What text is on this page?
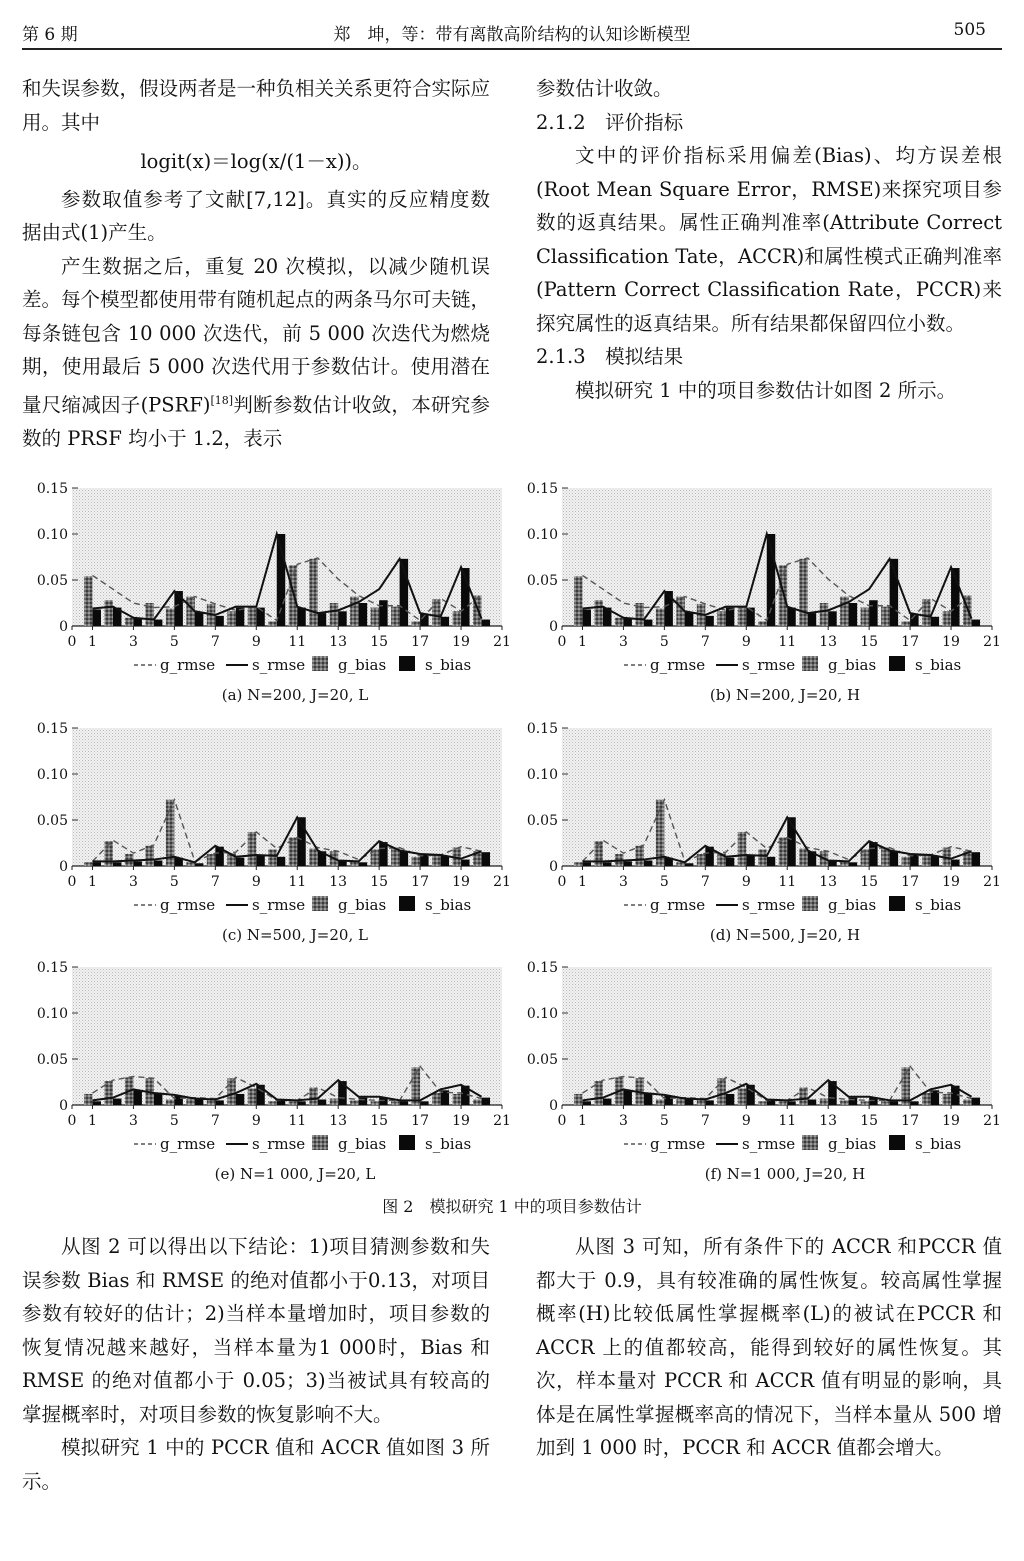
第 6 期	郑　坤，等：带有离散高阶结构的认知诊断模型	505

和失误参数，假设两者是一种负相关关系更符合实际应用。其中

logit(x)＝log(x/(1－x))。

参数取值参考了文献[7,12]。真实的反应精度数据由式(1)产生。

产生数据之后，重复 20 次模拟，以减少随机误差。每个模型都使用带有随机起点的两条马尔可夫链，每条链包含 10 000 次迭代，前 5 000 次迭代为燃烧期，使用最后 5 000 次迭代用于参数估计。使用潜在量尺缩减因子(PSRF)[18]判断参数估计收敛，本研究参数的 PRSF 均小于 1.2，表示

参数估计收敛。

2.1.2　评价指标

文中的评价指标采用偏差(Bias)、均方误差根(Root Mean Square Error，RMSE)来探究项目参数的返真结果。属性正确判准率(Attribute Correct Classification Tate，ACCR)和属性模式正确判准率(Pattern Correct Classification Rate，PCCR)来探究属性的返真结果。所有结果都保留四位小数。

2.1.3　模拟结果

模拟研究 1 中的项目参数估计如图 2 所示。

0
0.05
0.10
0.15
0 1 3 5 7 9 11 13 15 17 19 21
g_rmse s_rmse g_bias	s_bias
(a) N=200, J=20, L
0
0.05
0.10
0.15
0 1 3 5 7 9 11 13 15 17 19 21
g_rmse s_rmse g_bias	s_bias
(b) N=200, J=20, H
0
0.05
0.10
0.15
0 1 3 5 7 9 11 13 15 17 19 21
g_rmse s_rmse g_bias	s_bias
(c) N=500, J=20, L
0
0.05
0.10
0.15
0 1 3 5 7 9 11 13 15 17 19 21
g_rmse s_rmse g_bias	s_bias
(d) N=500, J=20, H
0
0.05
0.10
0.15
0 1 3 5 7 9 11 13 15 17 19 21
g_rmse s_rmse g_bias	s_bias
(e) N=1 000, J=20, L
0
0.05
0.10
0.15
0 1 3 5 7 9 11 13 15 17 19 21
g_rmse s_rmse g_bias	s_bias
(f) N=1 000, J=20, H
图 2　模拟研究 1 中的项目参数估计

从图 2 可以得出以下结论：1)项目猜测参数和失误参数 Bias 和 RMSE 的绝对值都小于0.13，对项目参数有较好的估计；2)当样本量增加时，项目参数的恢复情况越来越好，当样本量为1 000时，Bias 和 RMSE 的绝对值都小于 0.05；3)当被试具有较高的掌握概率时，对项目参数的恢复影响不大。

模拟研究 1 中的 PCCR 值和 ACCR 值如图 3 所示。

从图 3 可知，所有条件下的 ACCR 和PCCR 值都大于 0.9，具有较准确的属性恢复。较高属性掌握概率(H)比较低属性掌握概率(L)的被试在PCCR 和 ACCR 上的值都较高，能得到较好的属性恢复。其次，样本量对 PCCR 和 ACCR 值有明显的影响，具体是在属性掌握概率高的情况下，当样本量从 500 增加到 1 000 时，PCCR 和 ACCR 值都会增大。
